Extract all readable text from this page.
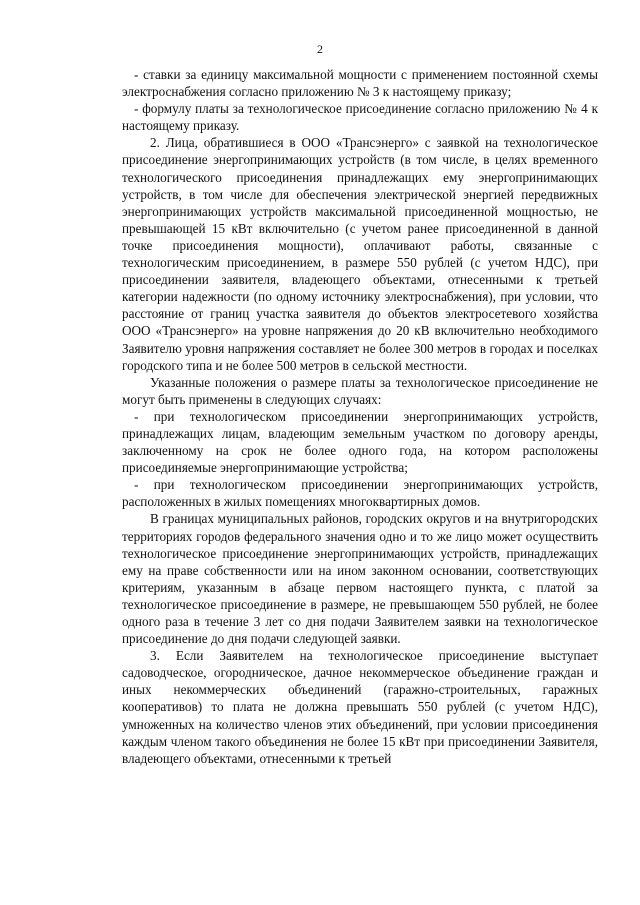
2

- ставки за единицу максимальной мощности с применением постоянной схемы электроснабжения согласно приложению № 3 к настоящему приказу;

- формулу платы за технологическое присоединение согласно приложению № 4 к настоящему приказу.

2. Лица, обратившиеся в ООО «Трансэнерго» с заявкой на технологическое присоединение энергопринимающих устройств (в том числе, в целях временного технологического присоединения принадлежащих ему энергопринимающих устройств, в том числе для обеспечения электрической энергией передвижных энергопринимающих устройств максимальной присоединенной мощностью, не превышающей 15 кВт включительно (с учетом ранее присоединенной в данной точке присоединения мощности), оплачивают работы, связанные с технологическим присоединением, в размере 550 рублей (с учетом НДС), при присоединении заявителя, владеющего объектами, отнесенными к третьей категории надежности (по одному источнику электроснабжения), при условии, что расстояние от границ участка заявителя до объектов электросетевого хозяйства ООО «Трансэнерго» на уровне напряжения до 20 кВ включительно необходимого Заявителю уровня напряжения составляет не более 300 метров в городах и поселках городского типа и не более 500 метров в сельской местности.

Указанные положения о размере платы за технологическое присоединение не могут быть применены в следующих случаях:

- при технологическом присоединении энергопринимающих устройств, принадлежащих лицам, владеющим земельным участком по договору аренды, заключенному на срок не более одного года, на котором расположены присоединяемые энергопринимающие устройства;

- при технологическом присоединении энергопринимающих устройств, расположенных в жилых помещениях многоквартирных домов.

В границах муниципальных районов, городских округов и на внутригородских территориях городов федерального значения одно и то же лицо может осуществить технологическое присоединение энергопринимающих устройств, принадлежащих ему на праве собственности или на ином законном основании, соответствующих критериям, указанным в абзаце первом настоящего пункта, с платой за технологическое присоединение в размере, не превышающем 550 рублей, не более одного раза в течение 3 лет со дня подачи Заявителем заявки на технологическое присоединение до дня подачи следующей заявки.

3. Если Заявителем на технологическое присоединение выступает садоводческое, огородническое, дачное некоммерческое объединение граждан и иных некоммерческих объединений (гаражно-строительных, гаражных кооперативов) то плата не должна превышать 550 рублей (с учетом НДС), умноженных на количество членов этих объединений, при условии присоединения каждым членом такого объединения не более 15 кВт при присоединении Заявителя, владеющего объектами, отнесенными к третьей
